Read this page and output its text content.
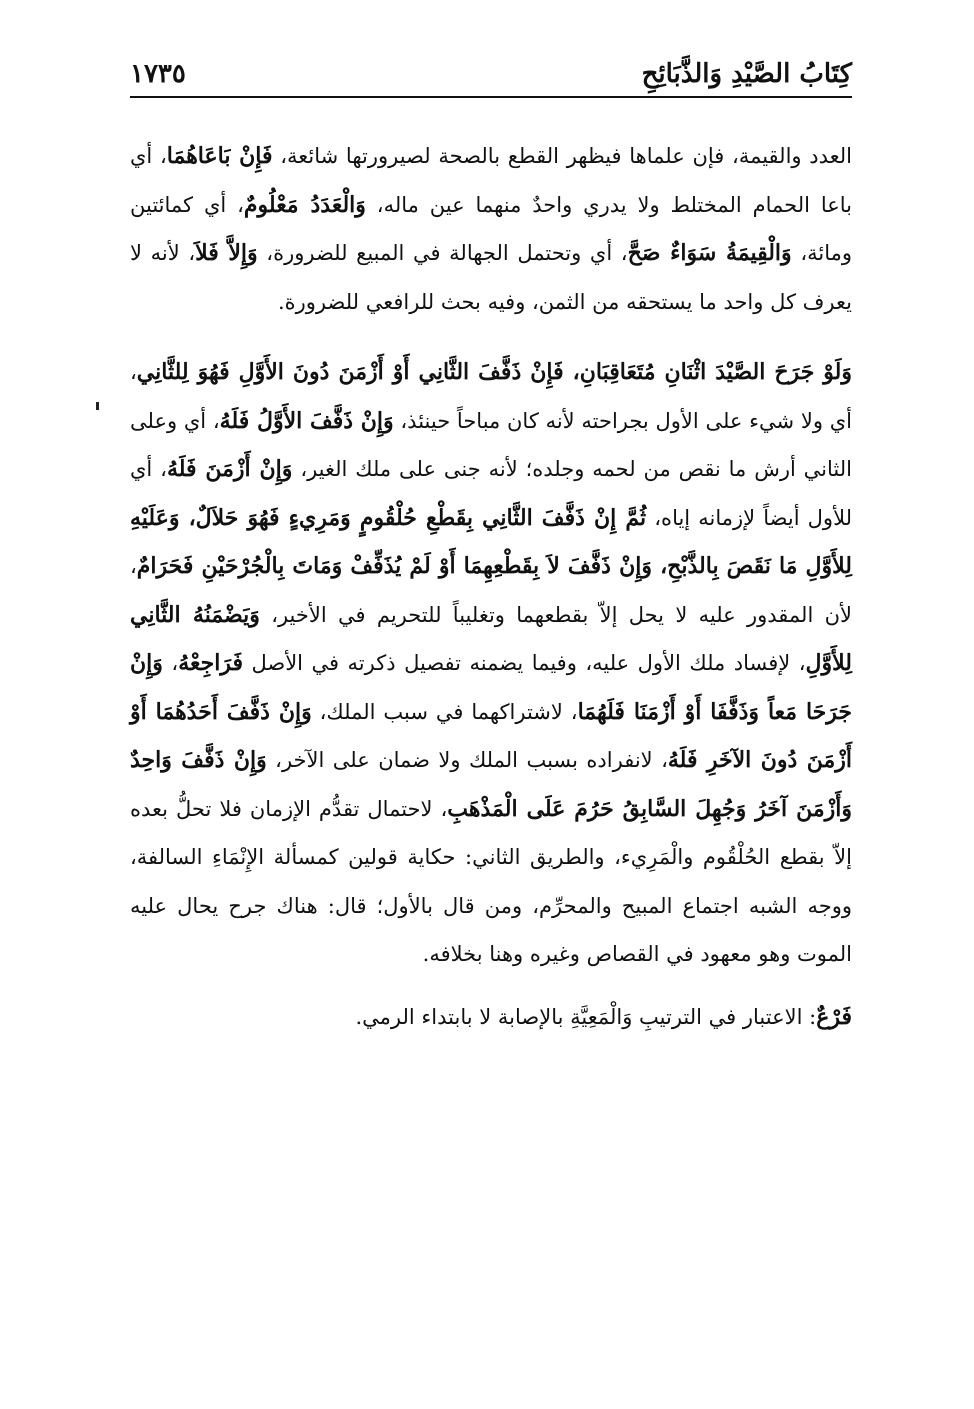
كِتَابُ الصَّيْدِ وَالذَّبَائِحِ
١٧٣٥

العدد والقيمة، فإن علماها فيظهر القطع بالصحة لصيرورتها شائعة، فَإِنْ بَاعَاهُمَا، أي باعا الحمام المختلط ولا يدري واحدٌ منهما عين ماله، وَالْعَدَدُ مَعْلُومٌ، أي كمائتين ومائة، وَالْقِيمَةُ سَوَاءٌ صَحَّ، أي وتحتمل الجهالة في المبيع للضرورة، وَإِلاَّ فَلاَ، لأنه لا يعرف كل واحد ما يستحقه من الثمن، وفيه بحث للرافعي للضرورة.

وَلَوْ جَرَحَ الصَّيْدَ اثْنَانِ مُتَعَاقِبَانِ، فَإِنْ ذَفَّفَ الثَّانِي أَوْ أَزْمَنَ دُونَ الأَوَّلِ فَهُوَ لِلثَّانِي، أي ولا شيء على الأول بجراحته لأنه كان مباحاً حينئذ، وَإِنْ ذَفَّفَ الأَوَّلُ فَلَهُ، أي وعلى الثاني أرش ما نقص من لحمه وجلده؛ لأنه جنى على ملك الغير، وَإِنْ أَزْمَنَ فَلَهُ، أي للأول أيضاً لإزمانه إياه، ثُمَّ إِنْ ذَفَّفَ الثَّانِي بِقَطْعِ حُلْقُومٍ وَمَرِيءٍ فَهُوَ حَلاَلٌ، وَعَلَيْهِ لِلأَوَّلِ مَا نَقَصَ بِالذَّبْحِ، وَإِنْ ذَفَّفَ لاَ بِقَطْعِهِمَا أَوْ لَمْ يُذَفِّفْ وَمَاتَ بِالْجُرْحَيْنِ فَحَرَامٌ، لأن المقدور عليه لا يحل إلاّ بقطعهما وتغليباً للتحريم في الأخير، وَيَضْمَنُهُ الثَّانِي لِلأَوَّلِ، لإفساد ملك الأول عليه، وفيما يضمنه تفصيل ذكرته في الأصل فَرَاجِعْهُ، وَإِنْ جَرَحَا مَعاً وَذَفَّفَا أَوْ أَزْمَنَا فَلَهُمَا، لاشتراكهما في سبب الملك، وَإِنْ ذَفَّفَ أَحَدُهُمَا أَوْ أَزْمَنَ دُونَ الآخَرِ فَلَهُ، لانفراده بسبب الملك ولا ضمان على الآخر، وَإِنْ ذَفَّفَ وَاحِدٌ وَأَزْمَنَ آخَرُ وَجُهِلَ السَّابِقُ حَرُمَ عَلَى الْمَذْهَبِ، لاحتمال تقدُّم الإزمان فلا تحلُّ بعده إلاّ بقطع الحُلْقُوم والْمَرِيء، والطريق الثاني: حكاية قولين كمسألة الإِنْمَاءِ السالفة، ووجه الشبه اجتماع المبيح والمحرِّم، ومن قال بالأول؛ قال: هناك جرح يحال عليه الموت وهو معهود في القصاص وغيره وهنا بخلافه.

فَرْعٌ: الاعتبار في الترتيبِ وَالْمَعِيَّةِ بالإصابة لا بابتداء الرمي.
